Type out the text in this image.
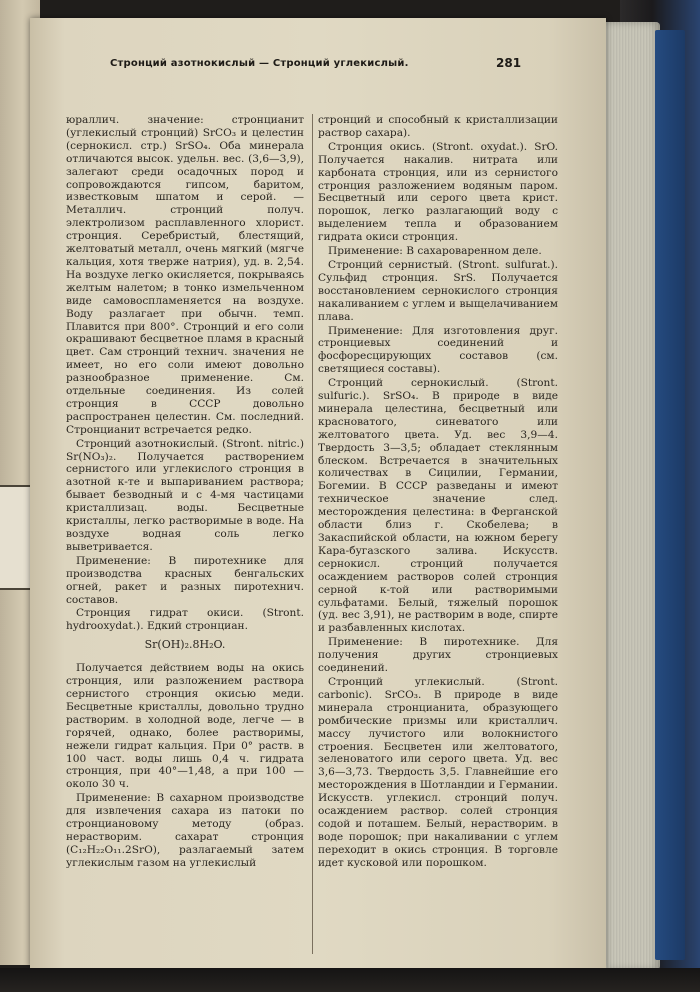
Стронций азотнокислый — Стронций углекислый.	281

юраллич. значение: стронцианит (углекислый стронций) SrCO₃ и целестин (сернокисл. стр.) SrSO₄. Оба минерала отличаются высок. удельн. вес. (3,6—3,9), залегают среди осадочных пород и сопровождаются гипсом, баритом, известковым шпатом и серой. — Металлич. стронций получ. электролизом расплавленного хлорист. стронция. Серебристый, блестящий, желтоватый металл, очень мягкий (мягче кальция, хотя тверже натрия), уд. в. 2,54. На воздухе легко окисляется, покрываясь желтым налетом; в тонко измельченном виде самовоспламеняется на воздухе. Воду разлагает при обычн. темп. Плавится при 800°. Стронций и его соли окрашивают бесцветное пламя в красный цвет. Сам стронций технич. значения не имеет, но его соли имеют довольно разнообразное применение. См. отдельные соединения. Из солей стронция в СССР довольно распространен целестин. См. последний. Стронцианит встречается редко.

Стронций азотнокислый. (Stront. nitric.) Sr(NO₃)₂. Получается растворением сернистого или углекислого стронция в азотной к-те и выпариванием раствора; бывает безводный и с 4-мя частицами кристаллизац. воды. Бесцветные кристаллы, легко растворимые в воде. На воздухе водная соль легко выветривается.

Применение: В пиротехнике для производства красных бенгальских огней, ракет и разных пиротехнич. составов.

Стронция гидрат окиси. (Stront. hydrooxydat.). Едкий стронциан.

Sr(OH)₂.8H₂O.

Получается действием воды на окись стронция, или разложением раствора сернистого стронция окисью меди. Бесцветные кристаллы, довольно трудно растворим. в холодной воде, легче — в горячей, однако, более растворимы, нежели гидрат кальция. При 0° раств. в 100 част. воды лишь 0,4 ч. гидрата стронция, при 40°—1,48, а при 100 — около 30 ч.

Применение: В сахарном производстве для извлечения сахара из патоки по стронциановому методу (образ. нерастворим. сахарат стронция (C₁₂H₂₂O₁₁.2SrO), разлагаемый затем углекислым газом на углекислый

стронций и способный к кристаллизации раствор сахара).

Стронция окись. (Stront. oxydat.). SrO. Получается накалив. нитрата или карбоната стронция, или из сернистого стронция разложением водяным паром. Бесцветный или серого цвета крист. порошок, легко разлагающий воду с выделением тепла и образованием гидрата окиси стронция.

Применение: В сахароваренном деле.

Стронций сернистый. (Stront. sulfurat.). Сульфид стронция. SrS. Получается восстановлением сернокислого стронция накаливанием с углем и выщелачиванием плава.

Применение: Для изготовления друг. стронциевых соединений и фосфоресцирующих составов (см. светящиеся составы).

Стронций сернокислый. (Stront. sulfuric.). SrSO₄. В природе в виде минерала целестина, бесцветный или красноватого, синеватого или желтоватого цвета. Уд. вес 3,9—4. Твердость 3—3,5; обладает стеклянным блеском. Встречается в значительных количествах в Сицилии, Германии, Богемии. В СССР разведаны и имеют техническое значение след. месторождения целестина: в Ферганской области близ г. Скобелева; в Закаспийской области, на южном берегу Кара-бугазского залива. Искусств. сернокисл. стронций получается осаждением растворов солей стронция серной к-той или растворимыми сульфатами. Белый, тяжелый порошок (уд. вес 3,91), не растворим в воде, спирте и разбавленных кислотах.

Применение: В пиротехнике. Для получения других стронциевых соединений.

Стронций углекислый. (Stront. carbonic). SrCO₃. В природе в виде минерала стронцианита, образующего ромбические призмы или кристаллич. массу лучистого или волокнистого строения. Бесцветен или желтоватого, зеленоватого или серого цвета. Уд. вес 3,6—3,73. Твердость 3,5. Главнейшие его месторождения в Шотландии и Германии. Искусств. углекисл. стронций получ. осаждением раствор. солей стронция содой и поташем. Белый, нерастворим. в воде порошок; при накаливании с углем переходит в окись стронция. В торговле идет кусковой или порошком.
